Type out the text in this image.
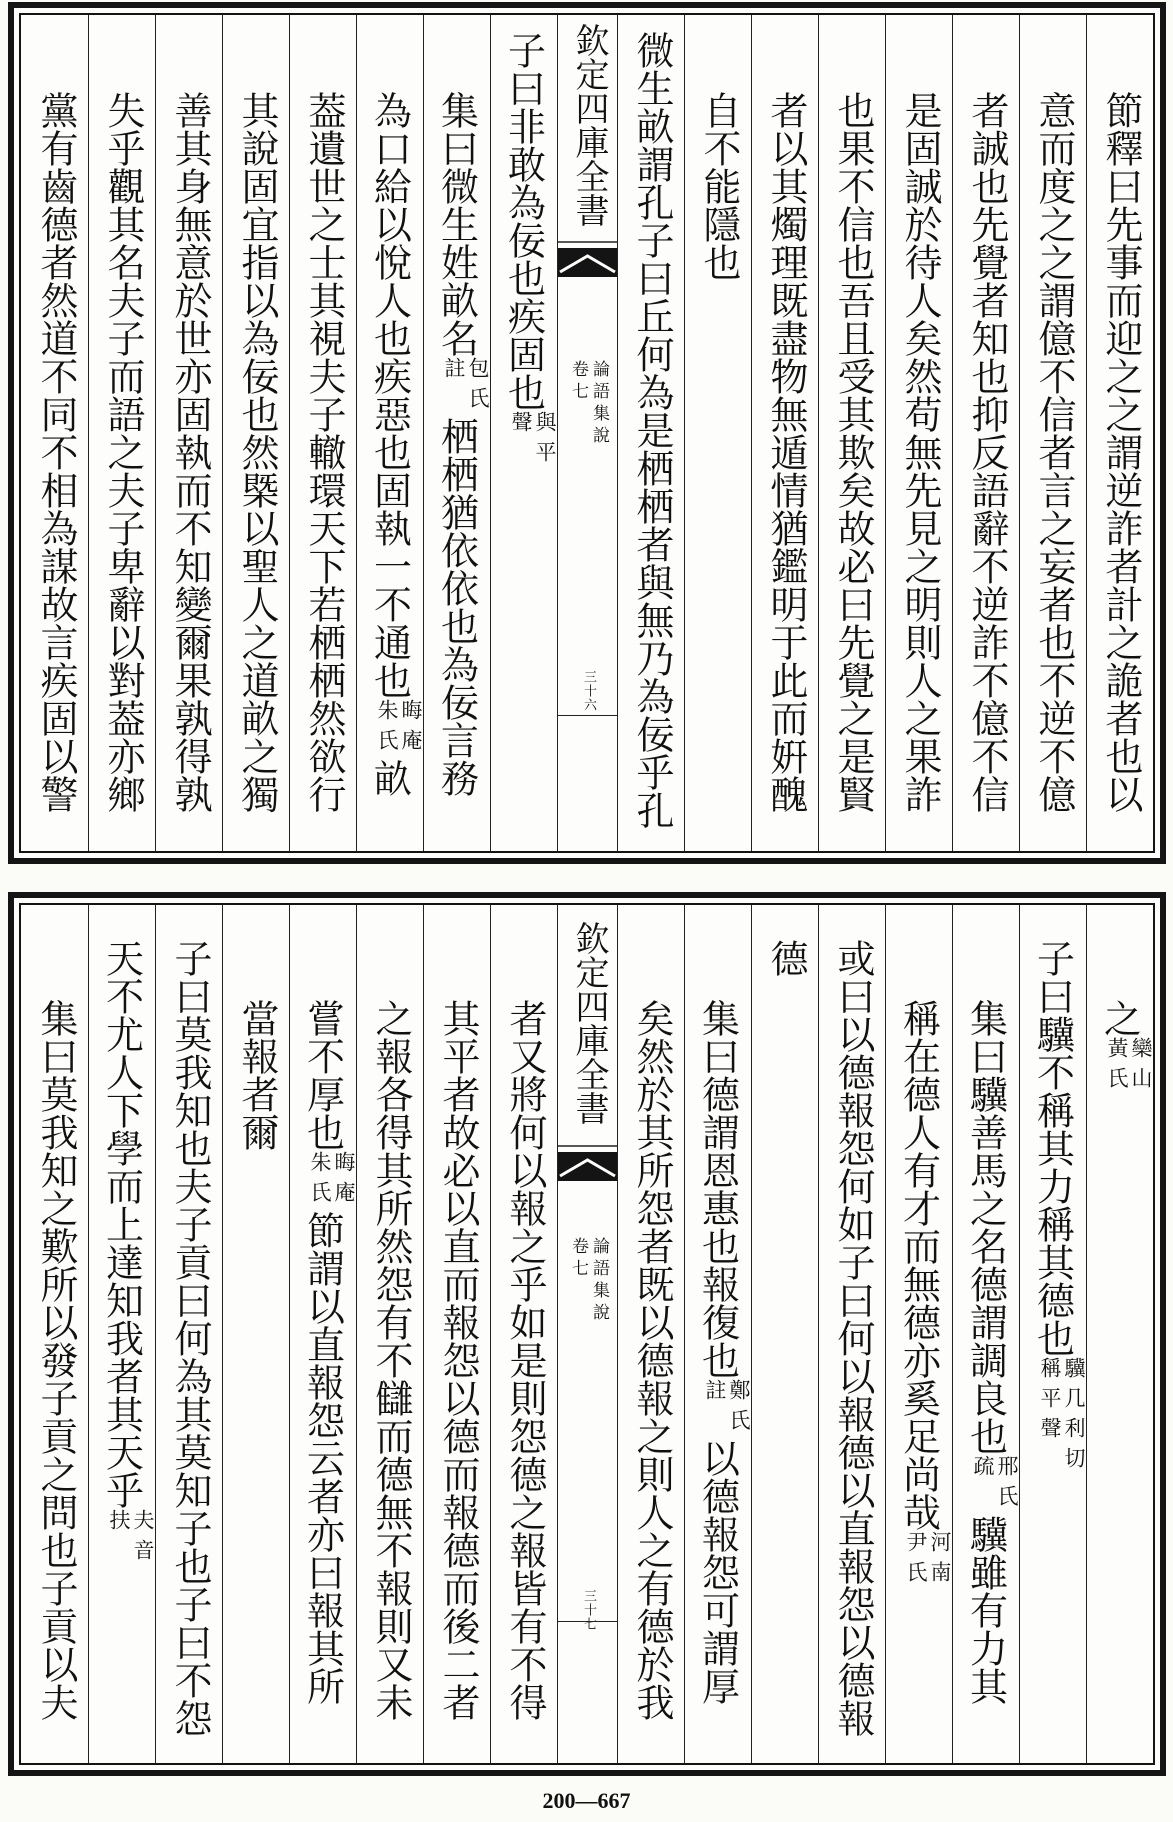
節釋曰先事而迎之之謂逆詐者計之詭者也以
意而度之之謂億不信者言之妄者也不逆不億
者誠也先覺者知也抑反語辭不逆詐不億不信
是固誠於待人矣然苟無先見之明則人之果詐
也果不信也吾且受其欺矣故必曰先覺之是賢
者以其燭理既盡物無遁情猶鑑明于此而姸醜
自不能隱也
微生畝謂孔子曰丘何為是栖栖者與無乃為佞乎孔
欽定四庫全書
論語集說
卷七
三十六
子曰非敢為佞也疾固也
與平
聲
集曰微生姓畝名
包氏
註
栖栖猶依依也為佞言務
為口給以悅人也疾惡也固執一不通也
晦庵
朱氏
畝
葢遺世之士其視夫子轍環天下若栖栖然欲行
其說固宜指以為佞也然槩以聖人之道畝之獨
善其身無意於世亦固執而不知變爾果孰得孰
失乎觀其名夫子而語之夫子卑辭以對葢亦鄉
黨有齒德者然道不同不相為謀故言疾固以警
之
欒山
黃氏
子曰驥不稱其力稱其德也
驥几利切
稱平聲
集曰驥善馬之名德謂調良也
邢氏
疏
驥雖有力其
稱在德人有才而無德亦奚足尚哉
河南
尹氏
或曰以德報怨何如子曰何以報德以直報怨以德報
德
集曰德謂恩惠也報復也
鄭氏
註
以德報怨可謂厚
矣然於其所怨者既以德報之則人之有德於我
欽定四庫全書
論語集說
卷七
三十七
者又將何以報之乎如是則怨德之報皆有不得
其平者故必以直而報怨以德而報德而後二者
之報各得其所然怨有不讎而德無不報則又未
嘗不厚也
晦庵
朱氏
節謂以直報怨云者亦曰報其所
當報者爾
子曰莫我知也夫子貢曰何為其莫知子也子曰不怨
天不尤人下學而上達知我者其天乎
夫音
扶
集曰莫我知之歎所以發子貢之問也子貢以夫
200—667
